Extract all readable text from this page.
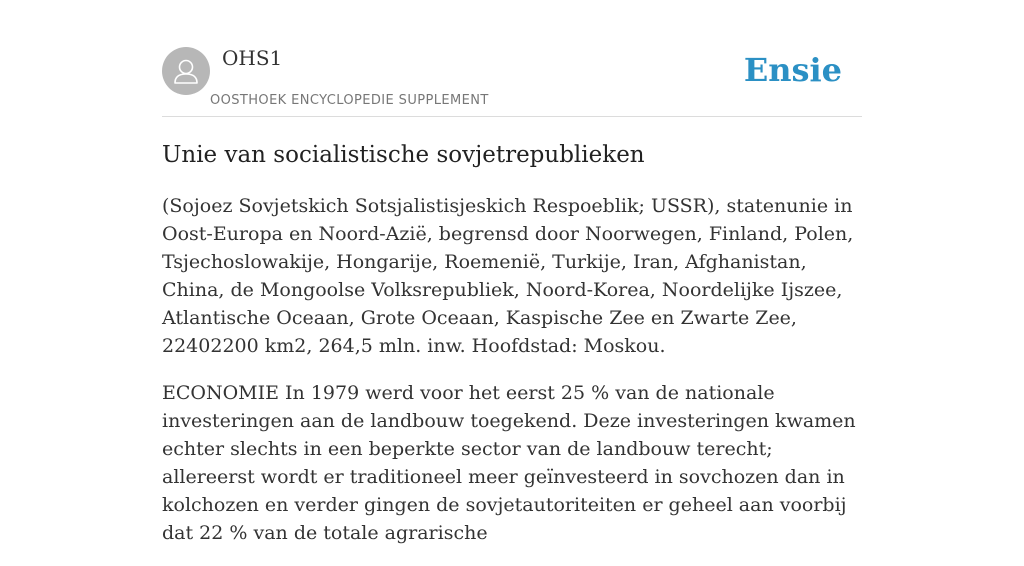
OHS1
OOSTHOEK ENCYCLOPEDIE SUPPLEMENT
Ensie
Unie van socialistische sovjetrepublieken

(Sojoez Sovjetskich Sotsjalistisjeskich Respoeblik; USSR), statenunie in Oost-Europa en Noord-Azië, begrensd door Noorwegen, Finland, Polen, Tsjechoslowakije, Hongarije, Roemenië, Turkije, Iran, Afghanistan, China, de Mongoolse Volksrepubliek, Noord-Korea, Noordelijke Ijszee, Atlantische Oceaan, Grote Oceaan, Kaspische Zee en Zwarte Zee, 22402200 km2, 264,5 mln. inw. Hoofdstad: Moskou.

ECONOMIE In 1979 werd voor het eerst 25 % van de nationale investeringen aan de landbouw toegekend. Deze investeringen kwamen echter slechts in een beperkte sector van de landbouw terecht; allereerst wordt er traditioneel meer geïnvesteerd in sovchozen dan in kolchozen en verder gingen de sovjetautoriteiten er geheel aan voorbij dat 22 % van de totale agrarische
